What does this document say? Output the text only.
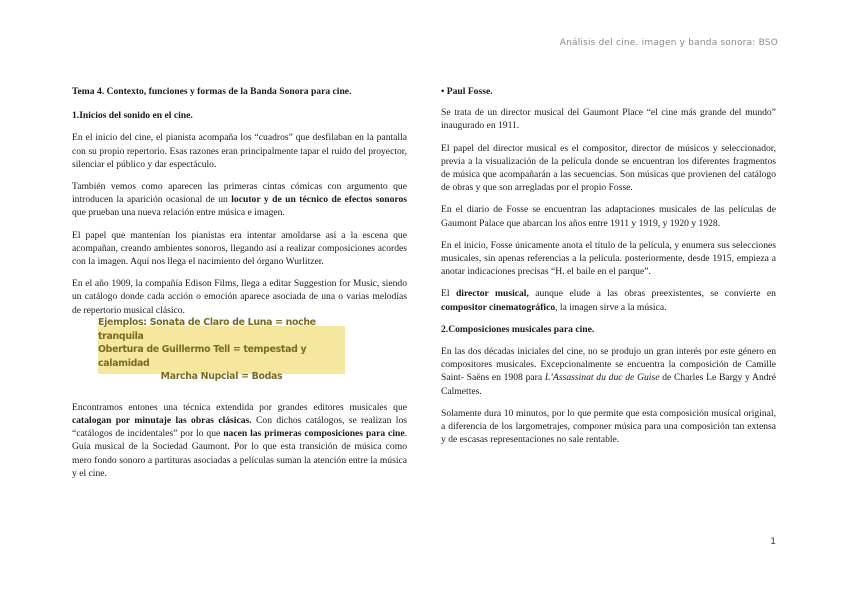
Análisis del cine. imagen y banda sonora: BSO

Tema 4. Contexto, funciones y formas de la Banda Sonora para cine.

1.Inicios del sonido en el cine.

En el inicio del cine, el pianista acompaña los “cuadros” que desfilaban en la pantalla con su propio repertorio. Esas razones eran principalmente tapar el ruido del proyector, silenciar el público y dar espectáculo.

También vemos como aparecen las primeras cintas cómicas con argumento que introducen la aparición ocasional de un locutor y de un técnico de efectos sonoros que prueban una nueva relación entre música e imagen.

El papel que mantenían los pianistas era intentar amoldarse así a la escena que acompañan, creando ambientes sonoros, llegando así a realizar composiciones acordes con la imagen. Aquí nos llega el nacimiento del órgano Wurlitzer.

En el año 1909, la compañía Edison Films, llega a editar Suggestion for Music, siendo un catálogo donde cada acción o emoción aparece asociada de una o varias melodías de repertorio musical clásico.

Ejemplos: Sonata de Claro de Luna = noche tranquila
Obertura de Guillermo Tell = tempestad y calamidad
Marcha Nupcial = Bodas

Encontramos entones una técnica extendida por grandes editores musicales que catalogan por minutaje las obras clásicas. Con dichos catálogos, se realizan los “catálogos de incidentales” por lo que nacen las primeras composiciones para cine. Guía musical de la Sociedad Gaumont. Por lo que esta transición de música como mero fondo sonoro a partituras asociadas a películas suman la atención entre la música y el cine.

• Paul Fosse.

Se trata de un director musical del Gaumont Place “el cine más grande del mundo” inaugurado en 1911.

El papel del director musical es el compositor, director de músicos y seleccionador, previa a la visualización de la película donde se encuentran los diferentes fragmentos de música que acompañarán a las secuencias. Son músicas que provienen del catálogo de obras y que son arregladas por el propio Fosse.

En el diario de Fosse se encuentran las adaptaciones musicales de las películas de Gaumont Palace que abarcan los años entre 1911 y 1919, y 1920 y 1928.

En el inicio, Fosse únicamente anota el título de la película, y enumera sus selecciones musicales, sin apenas referencias a la película. posteriormente, desde 1915, empieza a anotar indicaciones precisas “H. el baile en el parque”.

El director musical, aunque elude a las obras preexistentes, se convierte en compositor cinematográfico, la imagen sirve a la música.

2.Composiciones musicales para cine.

En las dos décadas iniciales del cine, no se produjo un gran interés por este género en compositores musicales. Excepcionalmente se encuentra la composición de Camille Saint- Saëns en 1908 para L’Assassinat du duc de Guise de Charles Le Bargy y André Calmettes.

Solamente dura 10 minutos, por lo que permite que esta composición musical original, a diferencia de los largometrajes, componer música para una composición tan extensa y de escasas representaciones no sale rentable.

1
